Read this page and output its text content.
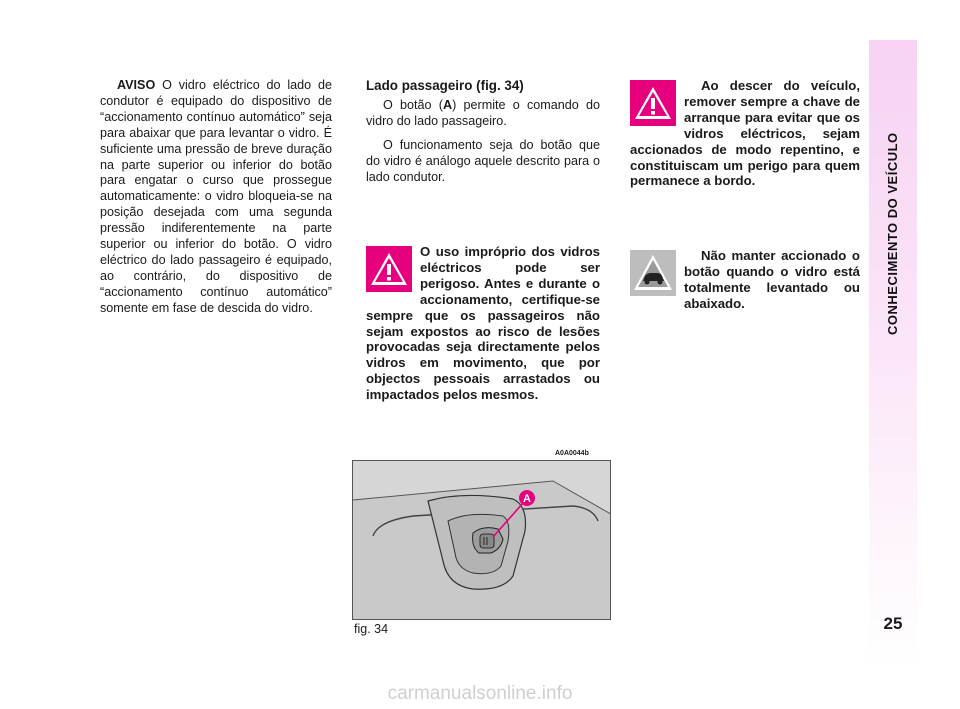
AVISO O vidro eléctrico do lado de condutor é equipado do dispositivo de “accionamento contínuo automático” seja para abaixar que para levantar o vidro. É suficiente uma pressão de breve duração na parte superior ou inferior do botão para engatar o curso que prossegue automaticamente: o vidro bloqueia-se na posição desejada com uma segunda pressão indiferentemente na parte superior ou inferior do botão. O vidro eléctrico do lado passageiro é equipado, ao contrário, do dispositivo de “accionamento contínuo automático” somente em fase de descida do vidro.

Lado passageiro (fig. 34)

O botão (A) permite o comando do vidro do lado passageiro.

O funcionamento seja do botão que do vidro é análogo aquele descrito para o lado condutor.

O uso impróprio dos vidros eléctricos pode ser perigoso. Antes e durante o accionamento, certifique-se sempre que os passageiros não sejam expostos ao risco de lesões provocadas seja directamente pelos vidros em movimento, que por objectos pessoais arrastados ou impactados pelos mesmos.

Ao descer do veículo, remover sempre a chave de arranque para evitar que os vidros eléctricos, sejam accionados de modo repentino, e constituiscam um perigo para quem permanece a bordo.

Não manter accionado o botão quando o vidro está totalmente levantado ou abaixado.

A0A0044b
A
fig. 34
CONHECIMENTO DO VEÍCULO
25
carmanualsonline.info
